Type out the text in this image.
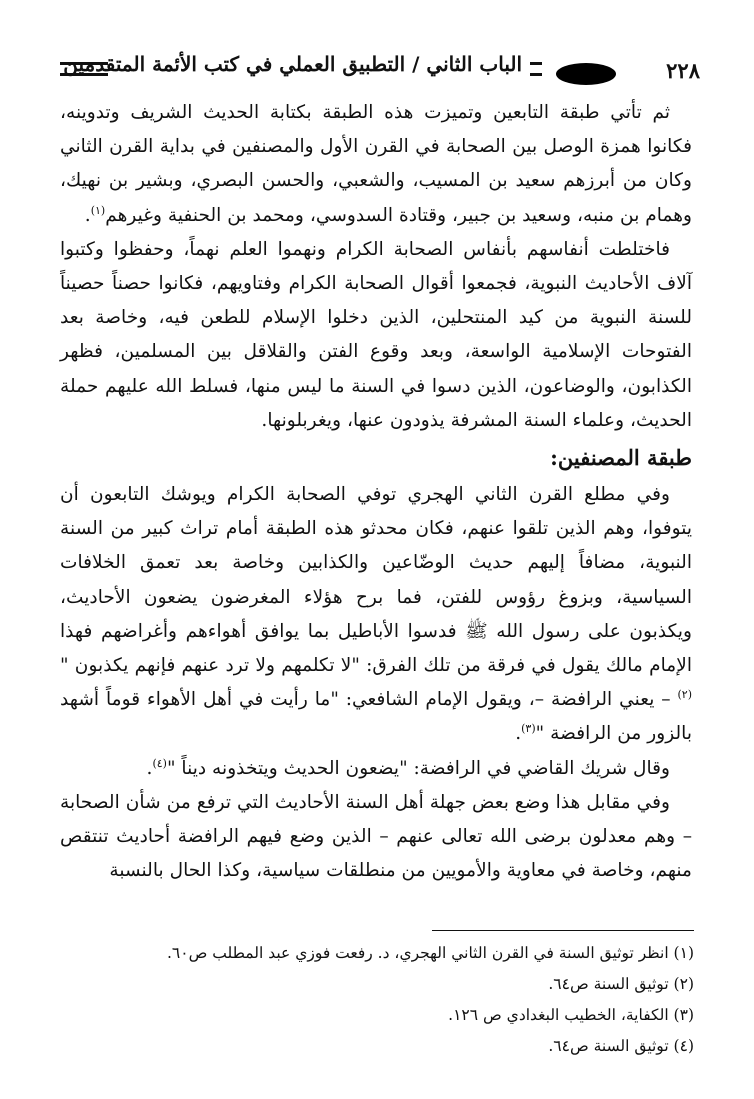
٢٢٨
الباب الثاني / التطبيق العملي في كتب الأئمة المتقدمين

ثم تأتي طبقة التابعين وتميزت هذه الطبقة بكتابة الحديث الشريف وتدوينه، فكانوا همزة الوصل بين الصحابة في القرن الأول والمصنفين في بداية القرن الثاني وكان من أبرزهم سعيد بن المسيب، والشعبي، والحسن البصري، وبشير بن نهيك، وهمام بن منبه، وسعيد بن جبير، وقتادة السدوسي، ومحمد بن الحنفية وغيرهم$^{(١)}$.

فاختلطت أنفاسهم بأنفاس الصحابة الكرام ونهموا العلم نهماً، وحفظوا وكتبوا آلاف الأحاديث النبوية، فجمعوا أقوال الصحابة الكرام وفتاويهم، فكانوا حصناً حصيناً للسنة النبوية من كيد المنتحلين، الذين دخلوا الإسلام للطعن فيه، وخاصة بعد الفتوحات الإسلامية الواسعة، وبعد وقوع الفتن والقلاقل بين المسلمين، فظهر الكذابون، والوضاعون، الذين دسوا في السنة ما ليس منها، فسلط الله عليهم حملة الحديث، وعلماء السنة المشرفة يذودون عنها، ويغربلونها.

طبقة المصنفين:

وفي مطلع القرن الثاني الهجري توفي الصحابة الكرام ويوشك التابعون أن يتوفوا، وهم الذين تلقوا عنهم، فكان محدثو هذه الطبقة أمام تراث كبير من السنة النبوية، مضافاً إليهم حديث الوضّاعين والكذابين وخاصة بعد تعمق الخلافات السياسية، وبزوغ رؤوس للفتن، فما برح هؤلاء المغرضون يضعون الأحاديث، ويكذبون على رسول الله ﷺ فدسوا الأباطيل بما يوافق أهواءهم وأغراضهم فهذا الإمام مالك يقول في فرقة من تلك الفرق: "لا تكلمهم ولا ترد عنهم فإنهم يكذبون "$^{(٢)}$ – يعني الرافضة –، ويقول الإمام الشافعي: "ما رأيت في أهل الأهواء قوماً أشهد بالزور من الرافضة "$^{(٣)}$.

وقال شريك القاضي في الرافضة: "يضعون الحديث ويتخذونه ديناً "$^{(٤)}$.

وفي مقابل هذا وضع بعض جهلة أهل السنة الأحاديث التي ترفع من شأن الصحابة – وهم معدلون برضى الله تعالى عنهم – الذين وضع فيهم الرافضة أحاديث تنتقص منهم، وخاصة في معاوية والأمويين من منطلقات سياسية، وكذا الحال بالنسبة

(١) انظر توثيق السنة في القرن الثاني الهجري، د. رفعت فوزي عبد المطلب ص٦٠.

(٢) توثيق السنة ص٦٤.

(٣) الكفاية، الخطيب البغدادي ص ١٢٦.

(٤) توثيق السنة ص٦٤.
